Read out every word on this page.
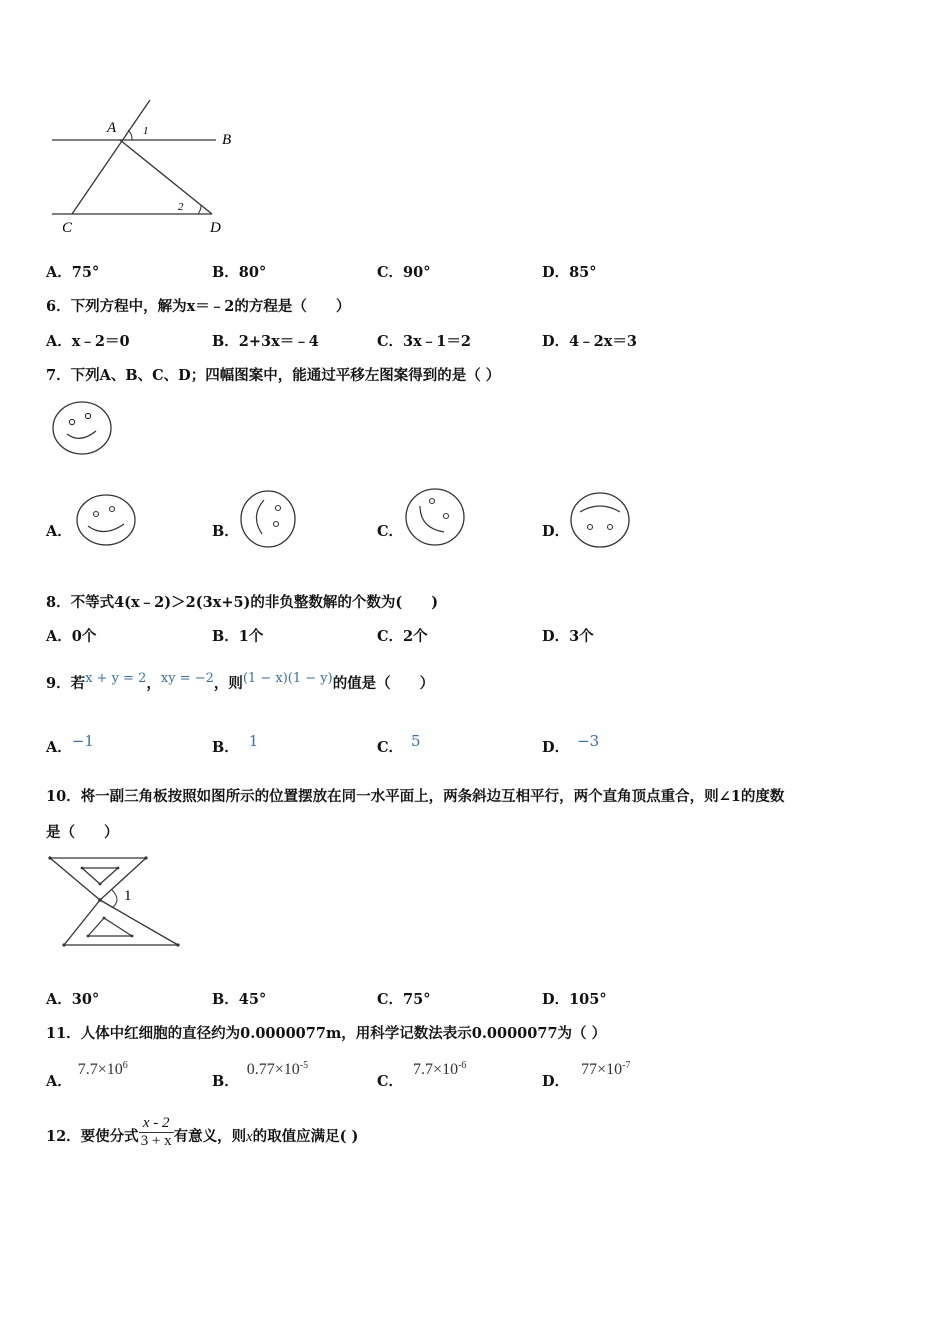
A
B
C	D
1
2
A．75°	B．80°	C．90°	D．85°
6．下列方程中，解为x＝﹣2的方程是（　　）
A．x﹣2＝0	B．2+3x＝﹣4	C．3x﹣1＝2	D．4﹣2x＝3
7．下列A、B、C、D；四幅图案中，能通过平移左图案得到的是（ ）
A．	B．	C．	D．
8．不等式4(x﹣2)＞2(3x+5)的非负整数解的个数为(　　)
A．0个	B．1个	C．2个	D．3个
9．若x + y = 2，xy = −2，则(1 − x)(1 − y)的值是（　　）
A．−1	B． 1	C． 5	D． −3
10．将一副三角板按照如图所示的位置摆放在同一水平面上，两条斜边互相平行，两个直角顶点重合，则∠1的度数
是（　　）
1
A．30°	B．45°	C．75°	D．105°
11．人体中红细胞的直径约为0.0000077m，用科学记数法表示0.0000077为（ ）
A．$7.7\times 10^6$
B．$0.77\times 10^{-5}$
C．$7.7\times 10^{-6}$
D．$77\times 10^{-7}$
12．要使分式 $\frac{x - 2}{3 + x}$ 有意义，则x的取值应满足( )
